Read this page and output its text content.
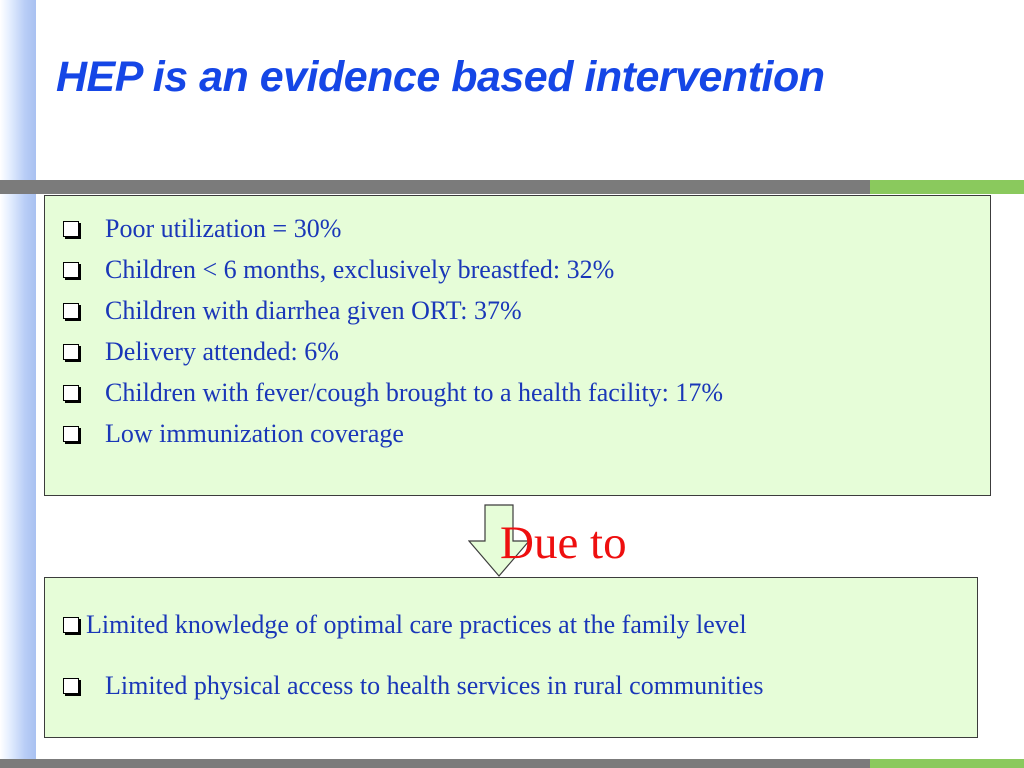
HEP is an evidence based intervention
Poor utilization = 30%
Children < 6 months, exclusively breastfed: 32%
Children with diarrhea given ORT: 37%
Delivery attended: 6%
Children with fever/cough brought to a health facility: 17%
Low immunization coverage
Due to
Limited knowledge of optimal care practices at the family level
Limited physical access to health services in rural communities
